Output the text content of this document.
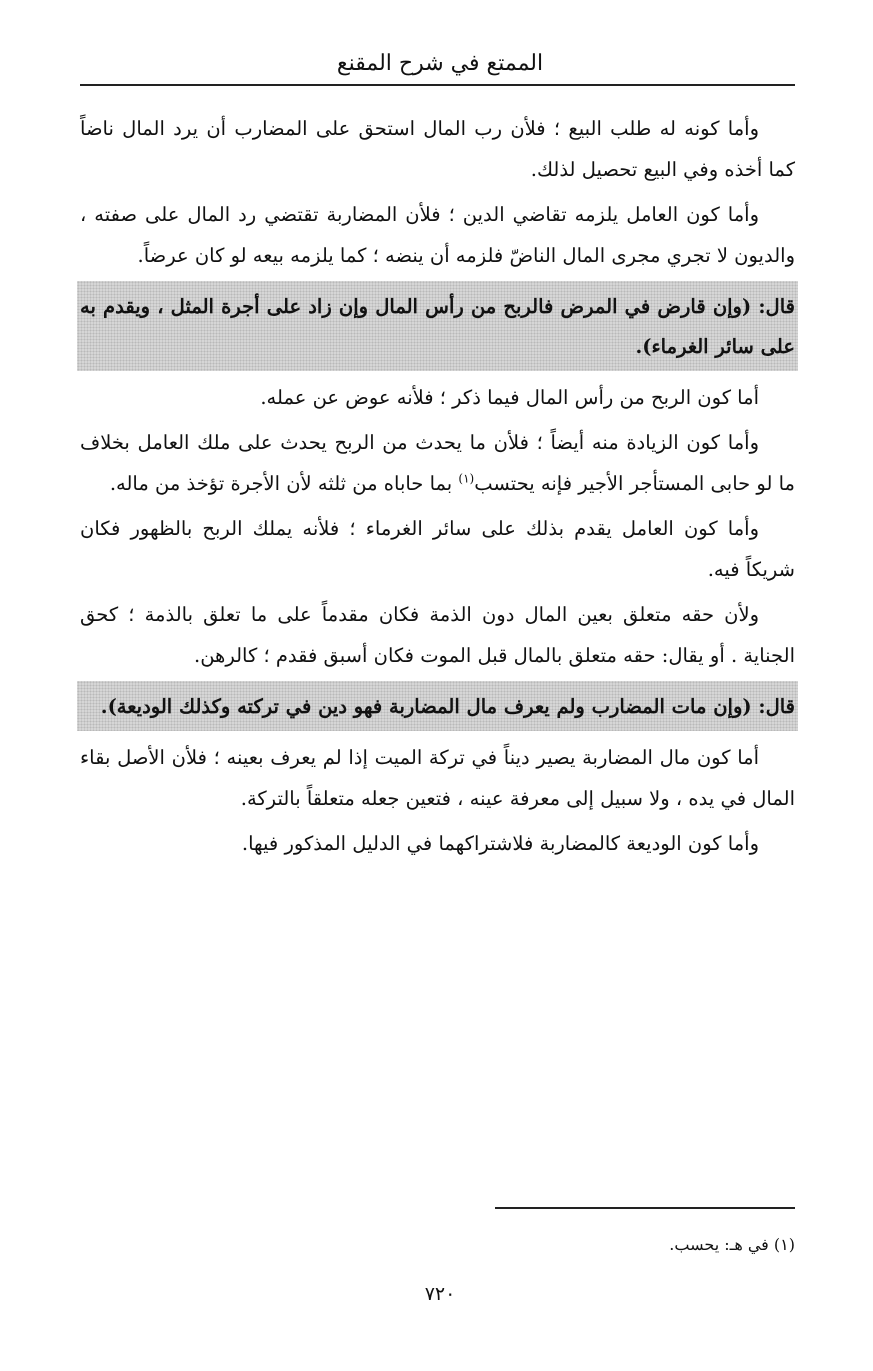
الممتع في شرح المقنع

وأما كونه له طلب البيع ؛ فلأن رب المال استحق على المضارب أن يرد المال ناضاً كما أخذه وفي البيع تحصيل لذلك.

وأما كون العامل يلزمه تقاضي الدين ؛ فلأن المضاربة تقتضي رد المال على صفته ، والديون لا تجري مجرى المال الناضّ فلزمه أن ينضه ؛ كما يلزمه بيعه لو كان عرضاً.

قال: (وإن قارض في المرض فالربح من رأس المال وإن زاد على أجرة المثل ، ويقدم به على سائر الغرماء).

أما كون الربح من رأس المال فيما ذكر ؛ فلأنه عوض عن عمله.

وأما كون الزيادة منه أيضاً ؛ فلأن ما يحدث من الربح يحدث على ملك العامل بخلاف ما لو حابى المستأجر الأجير فإنه يحتسب$^{(١)}$ بما حاباه من ثلثه لأن الأجرة تؤخذ من ماله.

وأما كون العامل يقدم بذلك على سائر الغرماء ؛ فلأنه يملك الربح بالظهور فكان شريكاً فيه.

ولأن حقه متعلق بعين المال دون الذمة فكان مقدماً على ما تعلق بالذمة ؛ كحق الجناية . أو يقال: حقه متعلق بالمال قبل الموت فكان أسبق فقدم ؛ كالرهن.

قال: (وإن مات المضارب ولم يعرف مال المضاربة فهو دين في تركته وكذلك الوديعة).

أما كون مال المضاربة يصير ديناً في تركة الميت إذا لم يعرف بعينه ؛ فلأن الأصل بقاء المال في يده ، ولا سبيل إلى معرفة عينه ، فتعين جعله متعلقاً بالتركة.

وأما كون الوديعة كالمضاربة فلاشتراكهما في الدليل المذكور فيها.

(١) في هـ: يحسب.
٧٢٠
